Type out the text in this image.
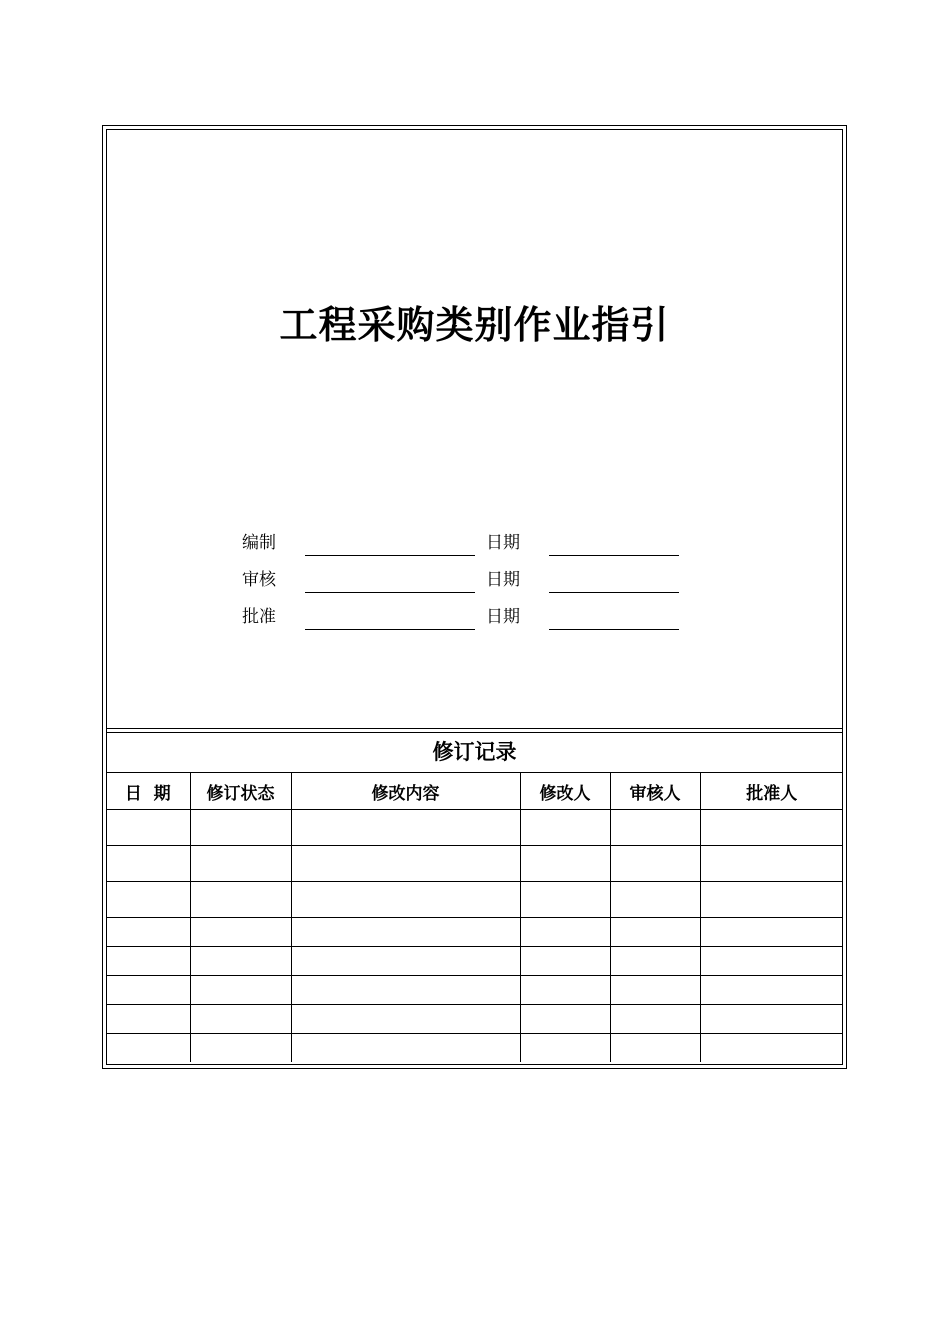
工程采购类别作业指引
编制	日期
审核	日期
批准	日期
修订记录
日  期	修订状态	修改内容	修改人	审核人	批准人
